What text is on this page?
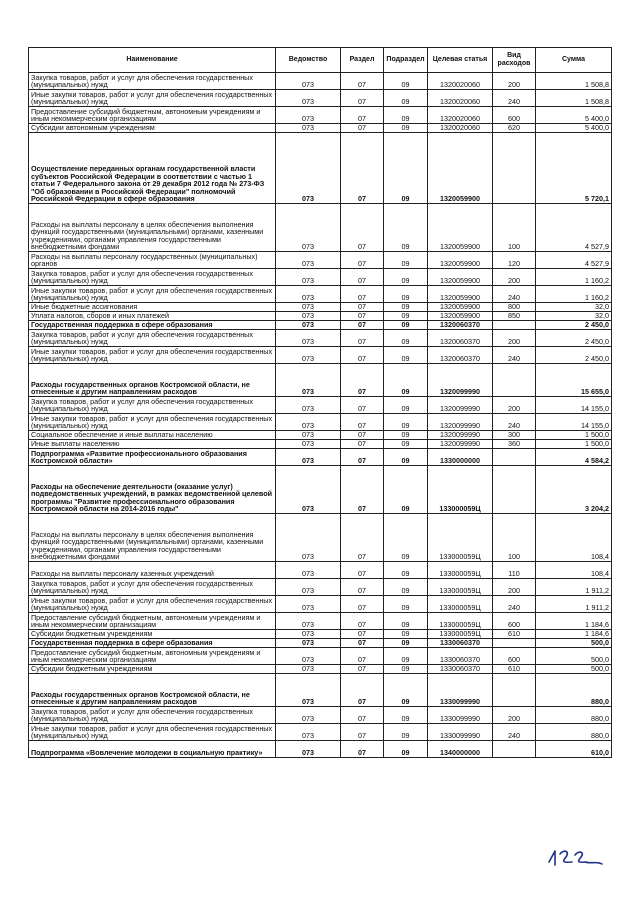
Наименование	Ведомство	Раздел	Подраздел	Целевая статья	Вид расходов	Сумма
Закупка товаров, работ и услуг для обеспечения государственных (муниципальных) нужд	073	07	09	1320020060	200	1 508,8
Иные закупки товаров, работ и услуг для обеспечения государственных (муниципальных) нужд	073	07	09	1320020060	240	1 508,8
Предоставление субсидий бюджетным, автономным учреждениям и иным некоммерческим организациям	073	07	09	1320020060	600	5 400,0
Субсидии автономным учреждениям	073	07	09	1320020060	620	5 400,0
Осуществление переданных органам государственной власти субъектов Российской Федерации в соответствии с частью 1 статьи 7 Федерального закона от 29 декабря 2012 года № 273-ФЗ "Об образовании в Российской Федерации" полномочий Российской Федерации в сфере образования	073	07	09	1320059900		5 720,1
Расходы на выплаты персоналу в целях обеспечения выполнения функций государственными (муниципальными) органами, казенными учреждениями, органами управления государственными внебюджетными фондами	073	07	09	1320059900	100	4 527,9
Расходы на выплаты персоналу государственных (муниципальных) органов	073	07	09	1320059900	120	4 527,9
Закупка товаров, работ и услуг для обеспечения государственных (муниципальных) нужд	073	07	09	1320059900	200	1 160,2
Иные закупки товаров, работ и услуг для обеспечения государственных (муниципальных) нужд	073	07	09	1320059900	240	1 160,2
Иные бюджетные ассигнования	073	07	09	1320059900	800	32,0
Уплата налогов, сборов и иных платежей	073	07	09	1320059900	850	32,0
Государственная поддержка в сфере образования	073	07	09	1320060370		2 450,0
Закупка товаров, работ и услуг для обеспечения государственных (муниципальных) нужд	073	07	09	1320060370	200	2 450,0
Иные закупки товаров, работ и услуг для обеспечения государственных (муниципальных) нужд	073	07	09	1320060370	240	2 450,0
Расходы государственных органов Костромской области, не отнесенные к другим направлениям расходов	073	07	09	1320099990		15 655,0
Закупка товаров, работ и услуг для обеспечения государственных (муниципальных) нужд	073	07	09	1320099990	200	14 155,0
Иные закупки товаров, работ и услуг для обеспечения государственных (муниципальных) нужд	073	07	09	1320099990	240	14 155,0
Социальное обеспечение и иные выплаты населению	073	07	09	1320099990	300	1 500,0
Иные выплаты населению	073	07	09	1320099990	360	1 500,0
Подпрограмма «Развитие профессионального образования Костромской области»	073	07	09	1330000000		4 584,2
Расходы на обеспечение деятельности (оказание услуг) подведомственных учреждений, в рамках ведомственной целевой программы "Развитие профессионального образования Костромской области на 2014-2016 годы"	073	07	09	133000059Ц		3 204,2
Расходы на выплаты персоналу в целях обеспечения выполнения функций государственными (муниципальными) органами, казенными учреждениями, органами управления государственными внебюджетными фондами	073	07	09	133000059Ц	100	108,4
Расходы на выплаты персоналу казенных учреждений	073	07	09	133000059Ц	110	108,4
Закупка товаров, работ и услуг для обеспечения государственных (муниципальных) нужд	073	07	09	133000059Ц	200	1 911,2
Иные закупки товаров, работ и услуг для обеспечения государственных (муниципальных) нужд	073	07	09	133000059Ц	240	1 911,2
Предоставление субсидий бюджетным, автономным учреждениям и иным некоммерческим организациям	073	07	09	133000059Ц	600	1 184,6
Субсидии бюджетным учреждениям	073	07	09	133000059Ц	610	1 184,6
Государственная поддержка в сфере образования	073	07	09	1330060370		500,0
Предоставление субсидий бюджетным, автономным учреждениям и иным некоммерческим организациям	073	07	09	1330060370	600	500,0
Субсидии бюджетным учреждениям	073	07	09	1330060370	610	500,0
Расходы государственных органов Костромской области, не отнесенные к другим направлениям расходов	073	07	09	1330099990		880,0
Закупка товаров, работ и услуг для обеспечения государственных (муниципальных) нужд	073	07	09	1330099990	200	880,0
Иные закупки товаров, работ и услуг для обеспечения государственных (муниципальных) нужд	073	07	09	1330099990	240	880,0
Подпрограмма «Вовлечение молодежи в социальную практику»	073	07	09	1340000000		610,0
